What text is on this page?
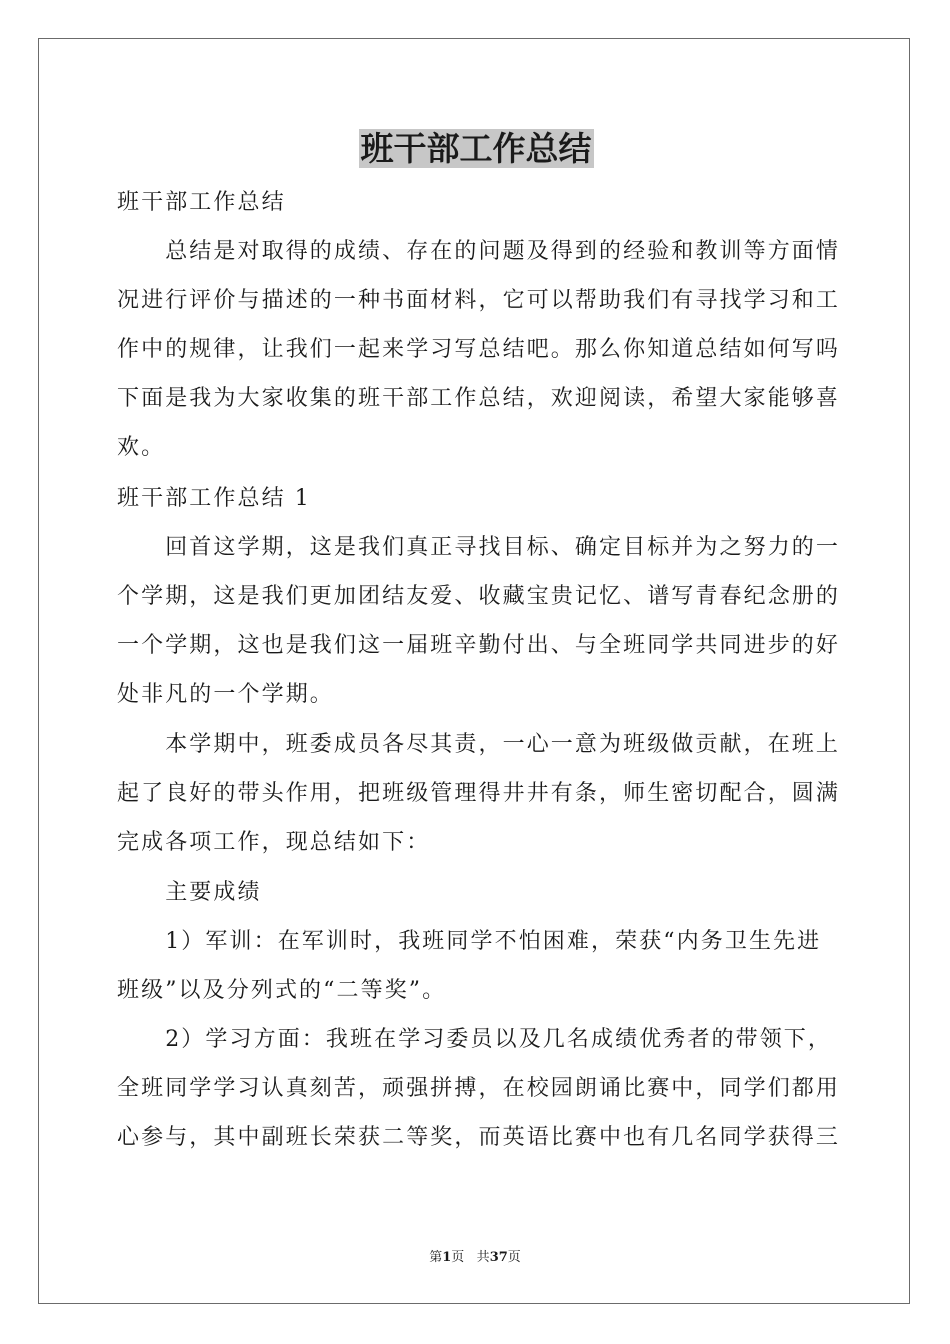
班干部工作总结

班干部工作总结

　　总结是对取得的成绩、存在的问题及得到的经验和教训等方面情
况进行评价与描述的一种书面材料，它可以帮助我们有寻找学习和工
作中的规律，让我们一起来学习写总结吧。那么你知道总结如何写吗
下面是我为大家收集的班干部工作总结，欢迎阅读，希望大家能够喜
欢。

班干部工作总结 1

　　回首这学期，这是我们真正寻找目标、确定目标并为之努力的一
个学期，这是我们更加团结友爱、收藏宝贵记忆、谱写青春纪念册的
一个学期，这也是我们这一届班辛勤付出、与全班同学共同进步的好
处非凡的一个学期。

　　本学期中，班委成员各尽其责，一心一意为班级做贡献，在班上
起了良好的带头作用，把班级管理得井井有条，师生密切配合，圆满
完成各项工作，现总结如下：

　　主要成绩

　　1）军训：在军训时，我班同学不怕困难，荣获“内务卫生先进
班级”以及分列式的“二等奖”。

　　2）学习方面：我班在学习委员以及几名成绩优秀者的带领下，
全班同学学习认真刻苦，顽强拼搏，在校园朗诵比赛中，同学们都用
心参与，其中副班长荣获二等奖，而英语比赛中也有几名同学获得三

第1页 共37页
